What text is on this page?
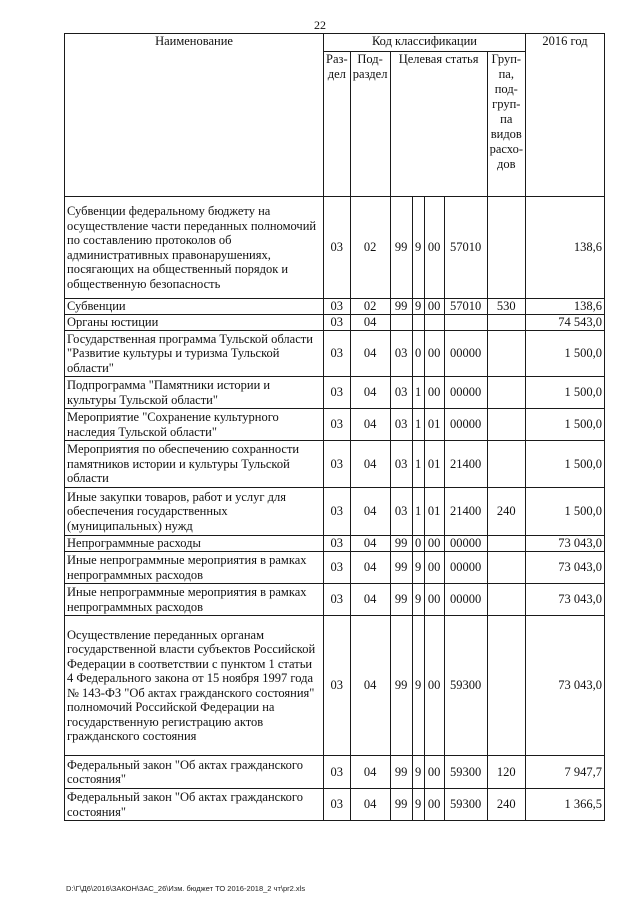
22
Наименование	Код классификации							2016 год
	Раз-дел	Под-раздел	Целевая статья				Груп-па, под-груп-па видов расхо-дов	
Субвенции федеральному бюджету на осуществление части переданных полномочий по составлению протоколов об административных правонарушениях, посягающих на общественный порядок и общественную безопасность	03	02	99	9	00	57010		138,6
Субвенции	03	02	99	9	00	57010	530	138,6
Органы юстиции	03	04						74 543,0
Государственная программа Тульской области "Развитие культуры и туризма Тульской области"	03	04	03	0	00	00000		1 500,0
Подпрограмма "Памятники истории и культуры Тульской области"	03	04	03	1	00	00000		1 500,0
Мероприятие "Сохранение культурного наследия Тульской области"	03	04	03	1	01	00000		1 500,0
Мероприятия по обеспечению сохранности памятников истории и культуры Тульской области	03	04	03	1	01	21400		1 500,0
Иные закупки товаров, работ и услуг для обеспечения государственных (муниципальных) нужд	03	04	03	1	01	21400	240	1 500,0
Непрограммные расходы	03	04	99	0	00	00000		73 043,0
Иные непрограммные мероприятия в рамках непрограммных расходов	03	04	99	9	00	00000		73 043,0
Иные непрограммные мероприятия в рамках непрограммных расходов	03	04	99	9	00	00000		73 043,0
Осуществление переданных органам государственной власти субъектов Российской Федерации в соответствии с пунктом 1 статьи 4 Федерального закона от 15 ноября 1997 года № 143-ФЗ "Об актах гражданского состояния" полномочий Российской Федерации на государственную регистрацию актов гражданского состояния	03	04	99	9	00	59300		73 043,0
Федеральный закон "Об актах гражданского состояния"	03	04	99	9	00	59300	120	7 947,7
Федеральный закон "Об актах гражданского состояния"	03	04	99	9	00	59300	240	1 366,5
D:\Г\Д6\2016\ЗАКОН\ЗАС_26\Изм. бюджет ТО 2016-2018_2 чт\pr2.xls
